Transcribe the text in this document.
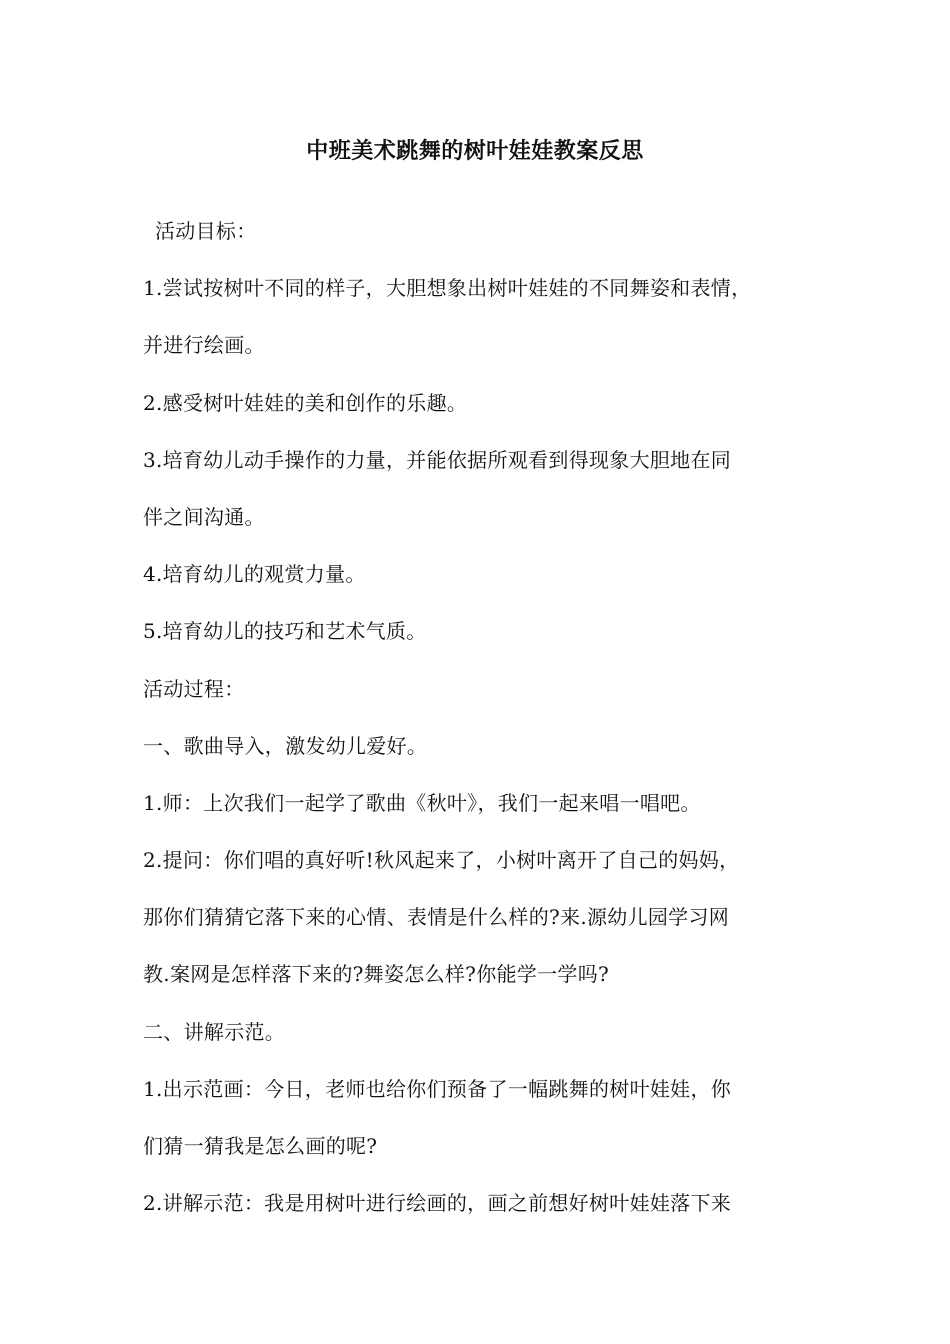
中班美术跳舞的树叶娃娃教案反思
活动目标：
1.尝试按树叶不同的样子，大胆想象出树叶娃娃的不同舞姿和表情，
并进行绘画。
2.感受树叶娃娃的美和创作的乐趣。
3.培育幼儿动手操作的力量，并能依据所观看到得现象大胆地在同
伴之间沟通。
4.培育幼儿的观赏力量。
5.培育幼儿的技巧和艺术气质。
活动过程：
一、歌曲导入，激发幼儿爱好。
1.师：上次我们一起学了歌曲《秋叶》，我们一起来唱一唱吧。
2.提问：你们唱的真好听!秋风起来了，小树叶离开了自己的妈妈，
那你们猜猜它落下来的心情、表情是什么样的?来.源幼儿园学习网
教.案网是怎样落下来的?舞姿怎么样?你能学一学吗?
二、讲解示范。
1.出示范画：今日，老师也给你们预备了一幅跳舞的树叶娃娃，你
们猜一猜我是怎么画的呢?
2.讲解示范：我是用树叶进行绘画的，画之前想好树叶娃娃落下来
